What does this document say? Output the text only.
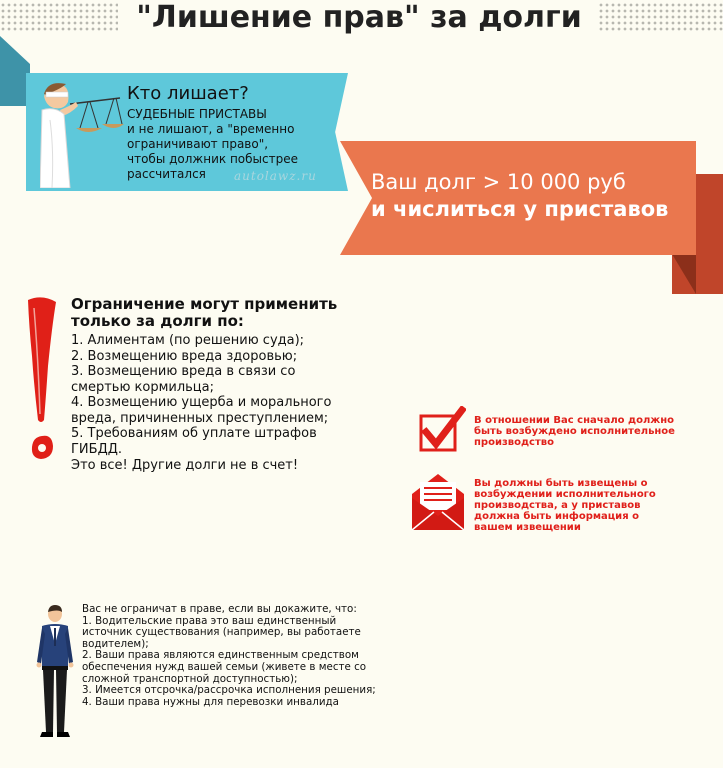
"Лишение прав" за долги
Кто лишает?
СУДЕБНЫЕ ПРИСТАВЫ
и не лишают, а "временно
ограничивают право",
чтобы должник побыстрее
рассчитался	autolawz.ru	Ваш долг > 10 000 руб
и числиться у приставов
Ограничение могут применить
только за долги по:
1. Алиментам (по решению суда);
2. Возмещению вреда здоровью;
3. Возмещению вреда в связи со
смертью кормильца;
4. Возмещению ущерба и морального
вреда, причиненных преступлением;
5. Требованиям об уплате штрафов
ГИБДД.
Это все! Другие долги не в счет!
В отношении Вас сначало должно
быть возбуждено исполнительное
производство
Вы должны быть извещены о
возбуждении исполнительного
производства, а у приставов
должна быть информация о
вашем извещении
Вас не ограничат в праве, если вы докажите, что:
1. Водительские права это ваш единственный
источник существования (например, вы работаете
водителем);
2. Ваши права являются единственным средством
обеспечения нужд вашей семьи (живете в месте со
сложной транспортной доступностью);
3. Имеется отсрочка/рассрочка исполнения решения;
4. Ваши права нужны для перевозки инвалида
